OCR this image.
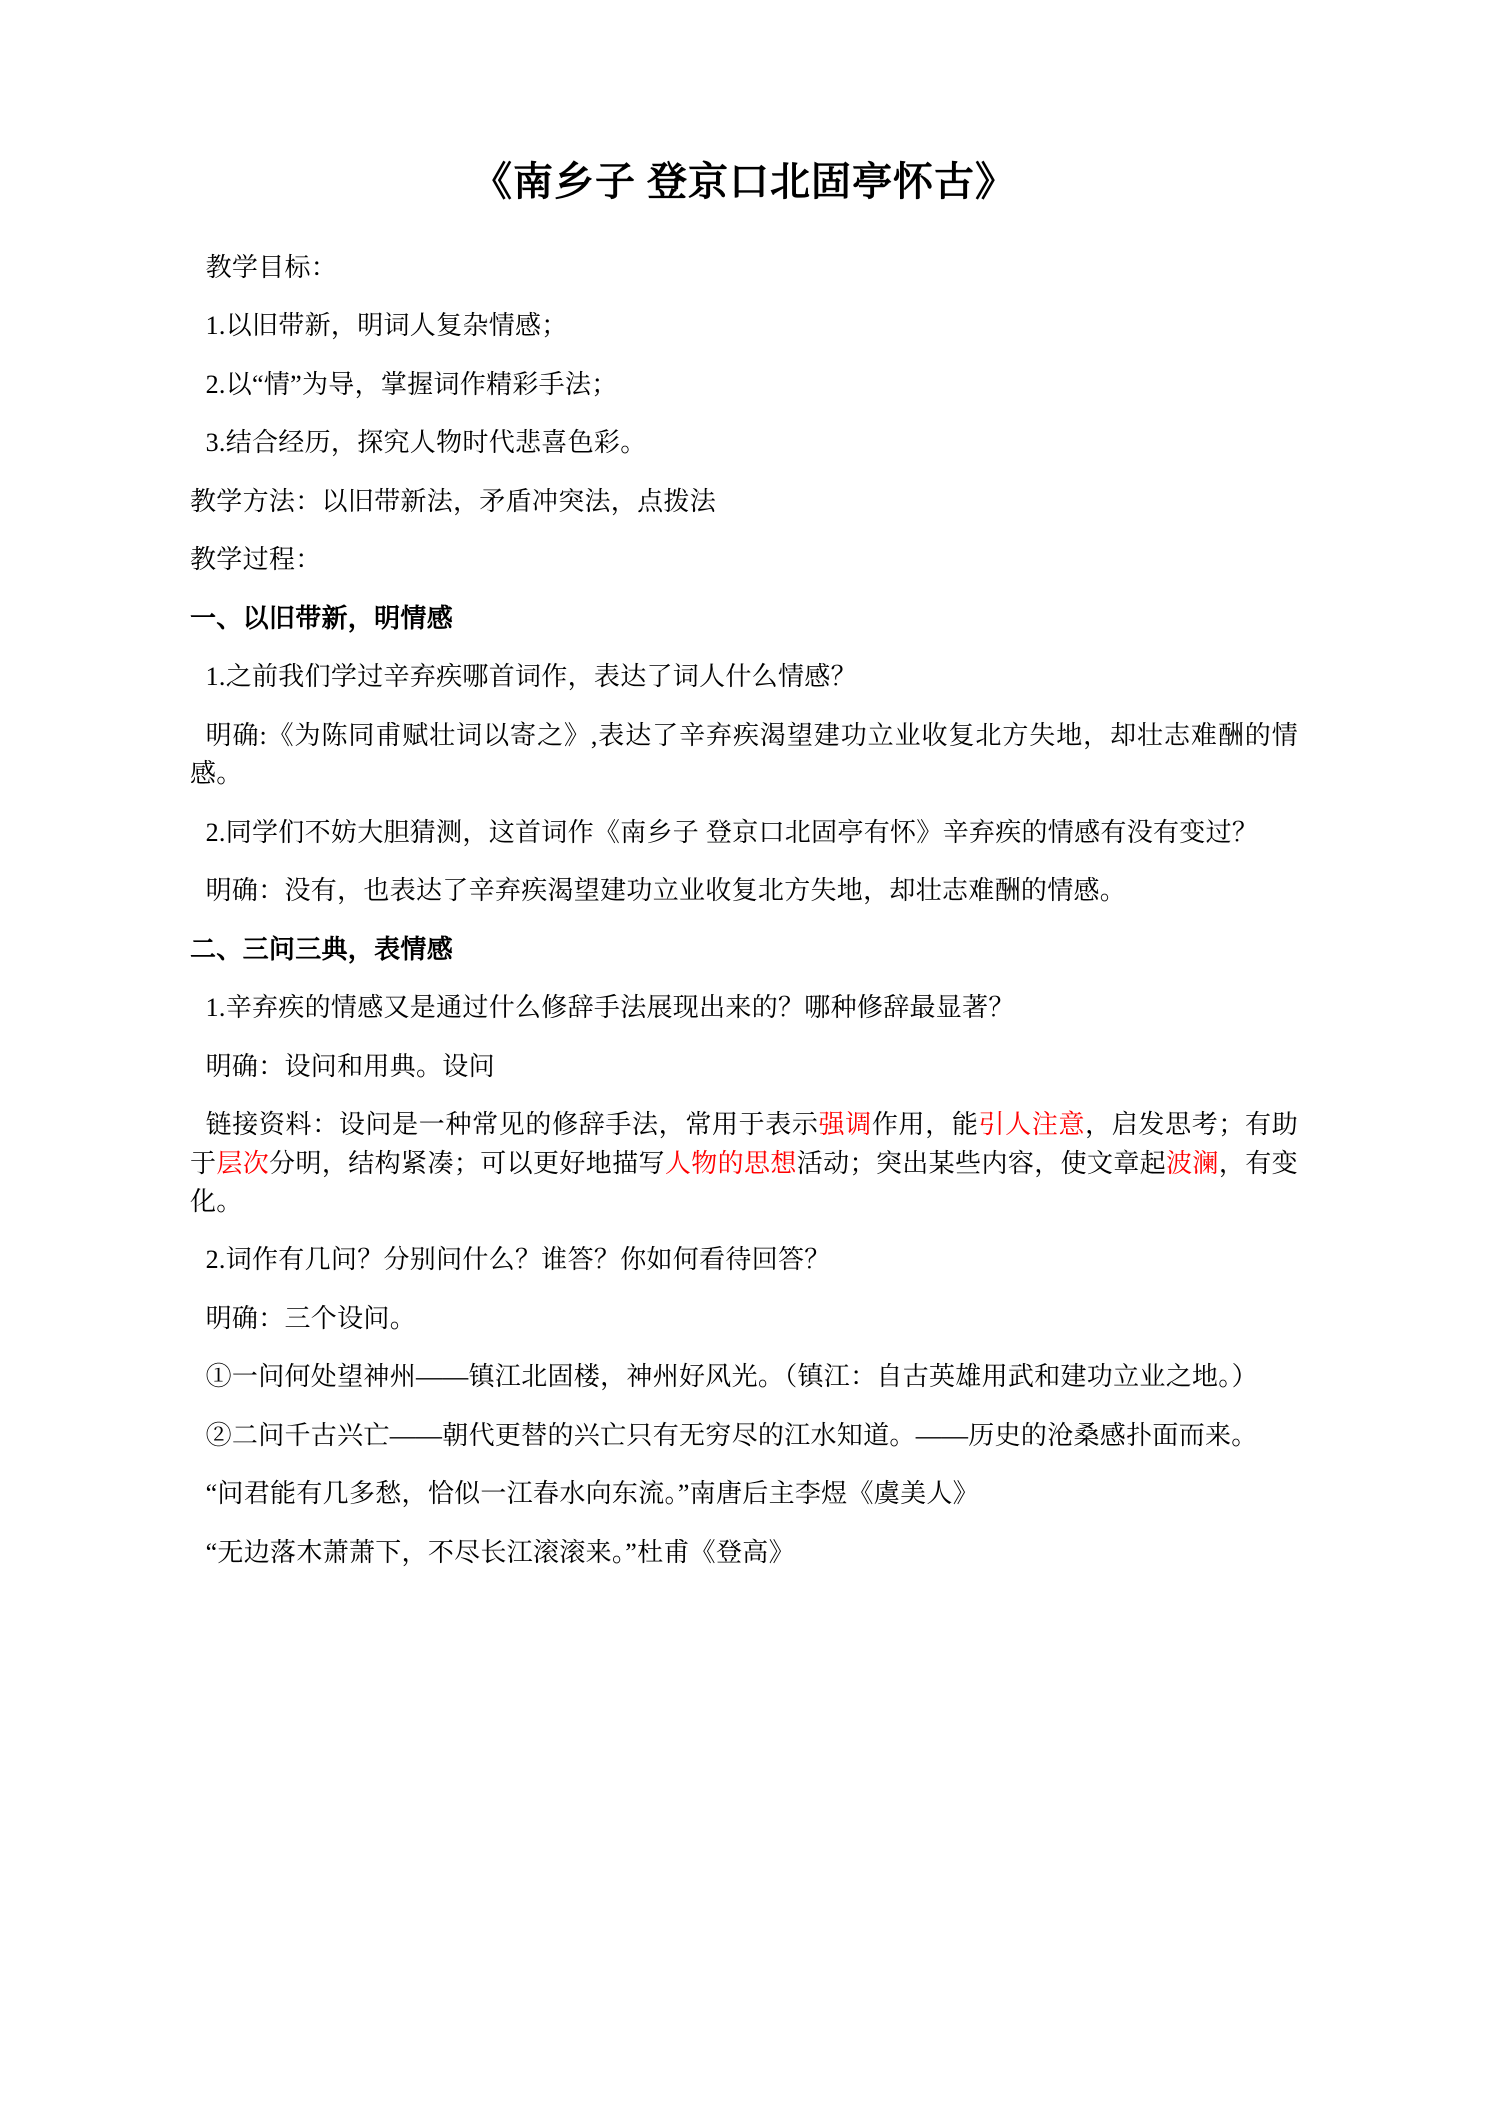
《南乡子 登京口北固亭怀古》

教学目标：

1.以旧带新，明词人复杂情感；

2.以“情”为导，掌握词作精彩手法；

3.结合经历，探究人物时代悲喜色彩。

教学方法：以旧带新法，矛盾冲突法，点拨法

教学过程：

一、以旧带新，明情感

1.之前我们学过辛弃疾哪首词作，表达了词人什么情感？

明确:《为陈同甫赋壮词以寄之》,表达了辛弃疾渴望建功立业收复北方失地，却壮志难酬的情感。

2.同学们不妨大胆猜测，这首词作《南乡子 登京口北固亭有怀》辛弃疾的情感有没有变过？

明确：没有，也表达了辛弃疾渴望建功立业收复北方失地，却壮志难酬的情感。

二、三问三典，表情感

1.辛弃疾的情感又是通过什么修辞手法展现出来的？哪种修辞最显著？

明确：设问和用典。设问

链接资料：设问是一种常见的修辞手法，常用于表示强调作用，能引人注意，启发思考；有助于层次分明，结构紧凑；可以更好地描写人物的思想活动；突出某些内容，使文章起波澜，有变化。

2.词作有几问？分别问什么？谁答？你如何看待回答？

明确：三个设问。

①一问何处望神州——镇江北固楼，神州好风光。（镇江：自古英雄用武和建功立业之地。）

②二问千古兴亡——朝代更替的兴亡只有无穷尽的江水知道。——历史的沧桑感扑面而来。

“问君能有几多愁，恰似一江春水向东流。”南唐后主李煜《虞美人》

“无边落木萧萧下，不尽长江滚滚来。”杜甫《登高》
